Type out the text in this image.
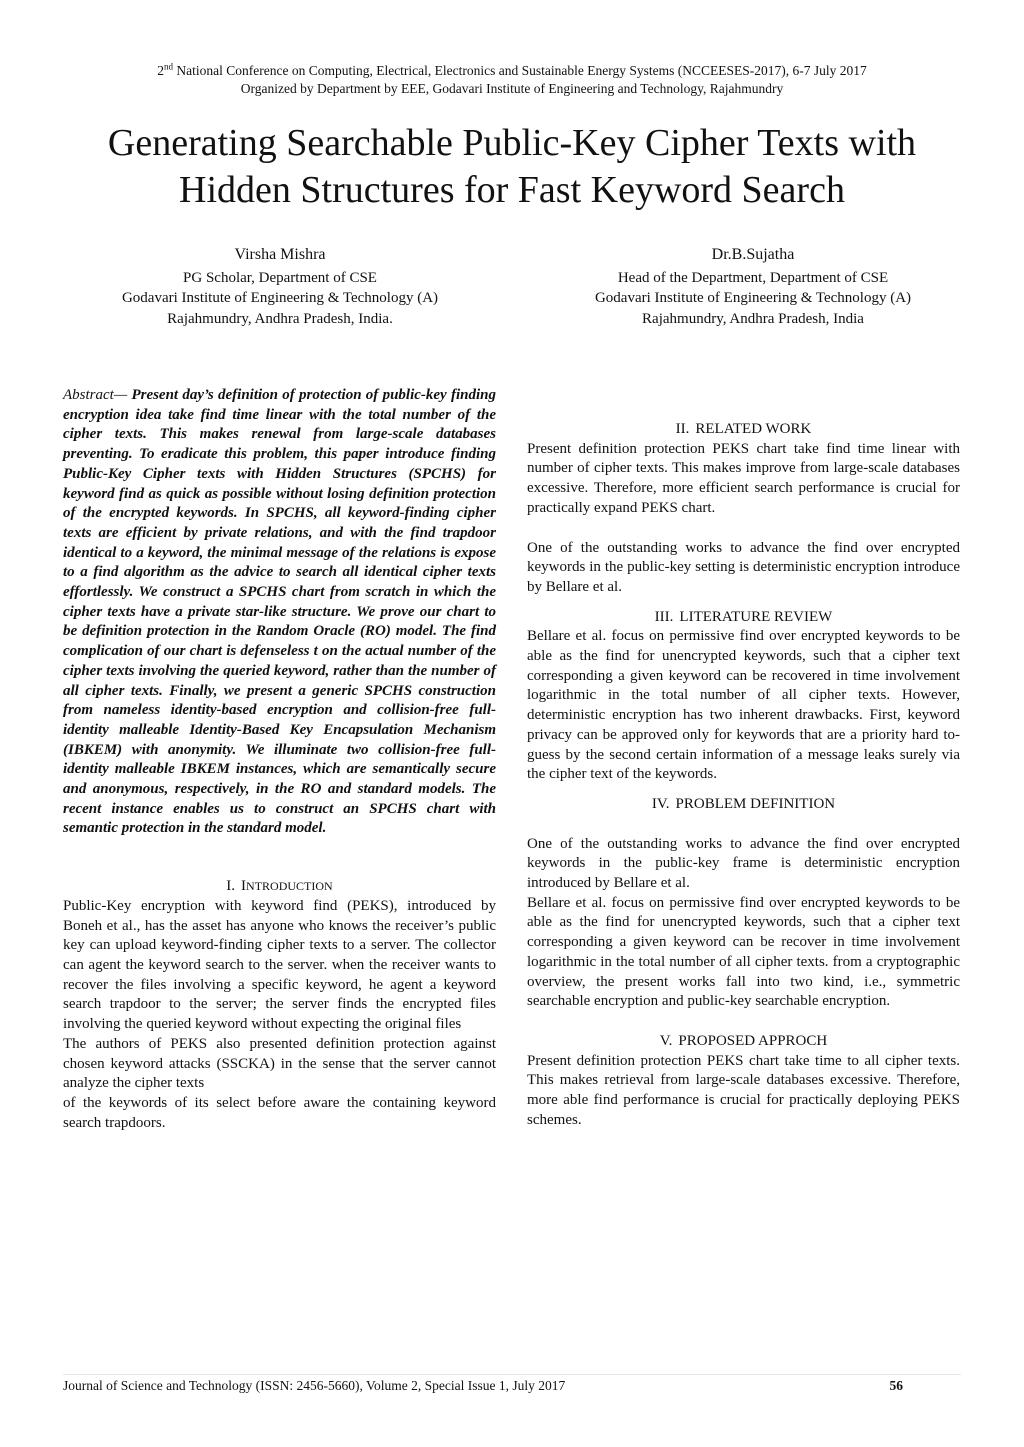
2nd National Conference on Computing, Electrical, Electronics and Sustainable Energy Systems (NCCEESES-2017), 6-7 July 2017
Organized by Department by EEE, Godavari Institute of Engineering and Technology, Rajahmundry
Generating Searchable Public-Key Cipher Texts with
Hidden Structures for Fast Keyword Search
Virsha Mishra
PG Scholar, Department of CSE
Godavari Institute of Engineering & Technology (A)
Rajahmundry, Andhra Pradesh, India.
Dr.B.Sujatha
Head of the Department, Department of CSE
Godavari Institute of Engineering & Technology (A)
Rajahmundry, Andhra Pradesh, India

Abstract— Present day’s definition of protection of public-key finding encryption idea take find time linear with the total number of the cipher texts. This makes renewal from large-scale databases preventing. To eradicate this problem, this paper introduce finding Public-Key Cipher texts with Hidden Structures (SPCHS) for keyword find as quick as possible without losing definition protection of the encrypted keywords. In SPCHS, all keyword-finding cipher texts are efficient by private relations, and with the find trapdoor identical to a keyword, the minimal message of the relations is expose to a find algorithm as the advice to search all identical cipher texts effortlessly. We construct a SPCHS chart from scratch in which the cipher texts have a private star-like structure. We prove our chart to be definition protection in the Random Oracle (RO) model. The find complication of our chart is defenseless t on the actual number of the cipher texts involving the queried keyword, rather than the number of all cipher texts. Finally, we present a generic SPCHS construction from nameless identity-based encryption and collision-free full-identity malleable Identity-Based Key Encapsulation Mechanism (IBKEM) with anonymity. We illuminate two collision-free full-identity malleable IBKEM instances, which are semantically secure and anonymous, respectively, in the RO and standard models. The recent instance enables us to construct an SPCHS chart with semantic protection in the standard model.

I. INTRODUCTION

Public-Key encryption with keyword find (PEKS), introduced by Boneh et al., has the asset has anyone who knows the receiver’s public key can upload keyword-finding cipher texts to a server. The collector can agent the keyword search to the server. when the receiver wants to recover the files involving a specific keyword, he agent a keyword search trapdoor to the server; the server finds the encrypted files involving the queried keyword without expecting the original files

The authors of PEKS also presented definition protection against chosen keyword attacks (SSCKA) in the sense that the server cannot analyze the cipher texts

of the keywords of its select before aware the containing keyword search trapdoors.

II. RELATED WORK

Present definition protection PEKS chart take find time linear with number of cipher texts. This makes improve from large-scale databases excessive. Therefore, more efficient search performance is crucial for practically expand PEKS chart.

One of the outstanding works to advance the find over encrypted keywords in the public-key setting is deterministic encryption introduce by Bellare et al.

III. LITERATURE REVIEW

Bellare et al. focus on permissive find over encrypted keywords to be able as the find for unencrypted keywords, such that a cipher text corresponding a given keyword can be recovered in time involvement logarithmic in the total number of all cipher texts. However, deterministic encryption has two inherent drawbacks. First, keyword privacy can be approved only for keywords that are a priority hard to-guess by the second certain information of a message leaks surely via the cipher text of the keywords.

IV. PROBLEM DEFINITION

One of the outstanding works to advance the find over encrypted keywords in the public-key frame is deterministic encryption introduced by Bellare et al.

Bellare et al. focus on permissive find over encrypted keywords to be able as the find for unencrypted keywords, such that a cipher text corresponding a given keyword can be recover in time involvement logarithmic in the total number of all cipher texts. from a cryptographic overview, the present works fall into two kind, i.e., symmetric searchable encryption and public-key searchable encryption.

V. PROPOSED APPROCH

Present definition protection PEKS chart take time to all cipher texts. This makes retrieval from large-scale databases excessive. Therefore, more able find performance is crucial for practically deploying PEKS schemes.

Journal of Science and Technology (ISSN: 2456-5660), Volume 2, Special Issue 1, July 2017	56
